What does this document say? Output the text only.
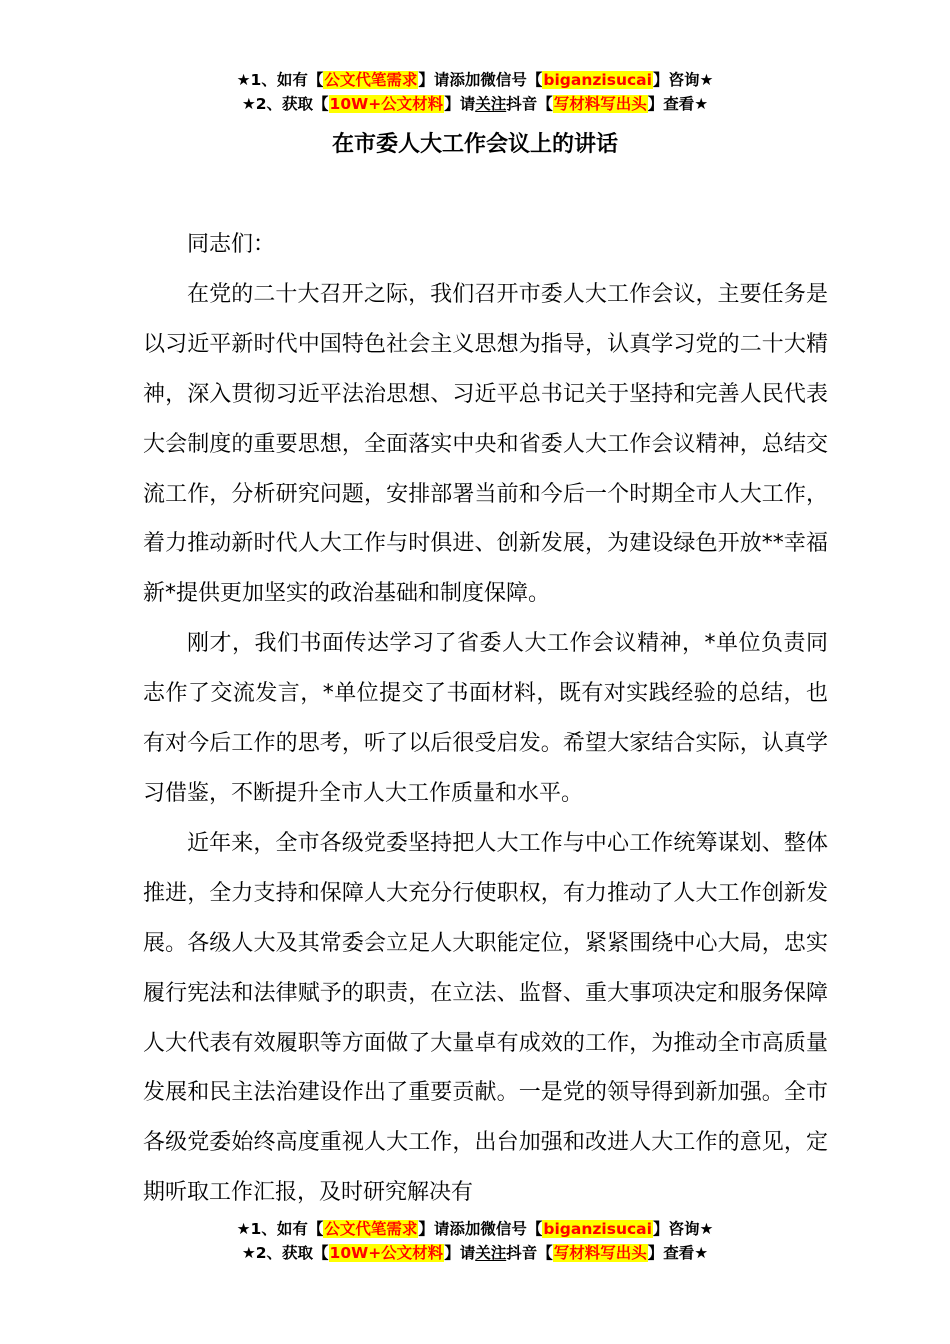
★1、如有【公文代笔需求】请添加微信号【biganzisucai】咨询★
★2、获取【10W+公文材料】请关注抖音【写材料写出头】查看★
在市委人大工作会议上的讲话

同志们：

在党的二十大召开之际，我们召开市委人大工作会议，主要任务是以习近平新时代中国特色社会主义思想为指导，认真学习党的二十大精神，深入贯彻习近平法治思想、习近平总书记关于坚持和完善人民代表大会制度的重要思想，全面落实中央和省委人大工作会议精神，总结交流工作，分析研究问题，安排部署当前和今后一个时期全市人大工作，着力推动新时代人大工作与时俱进、创新发展，为建设绿色开放**幸福新*提供更加坚实的政治基础和制度保障。

刚才，我们书面传达学习了省委人大工作会议精神，*单位负责同志作了交流发言，*单位提交了书面材料，既有对实践经验的总结，也有对今后工作的思考，听了以后很受启发。希望大家结合实际，认真学习借鉴，不断提升全市人大工作质量和水平。

近年来，全市各级党委坚持把人大工作与中心工作统筹谋划、整体推进，全力支持和保障人大充分行使职权，有力推动了人大工作创新发展。各级人大及其常委会立足人大职能定位，紧紧围绕中心大局，忠实履行宪法和法律赋予的职责，在立法、监督、重大事项决定和服务保障人大代表有效履职等方面做了大量卓有成效的工作，为推动全市高质量发展和民主法治建设作出了重要贡献。一是党的领导得到新加强。全市各级党委始终高度重视人大工作，出台加强和改进人大工作的意见，定期听取工作汇报，及时研究解决有

★1、如有【公文代笔需求】请添加微信号【biganzisucai】咨询★
★2、获取【10W+公文材料】请关注抖音【写材料写出头】查看★
